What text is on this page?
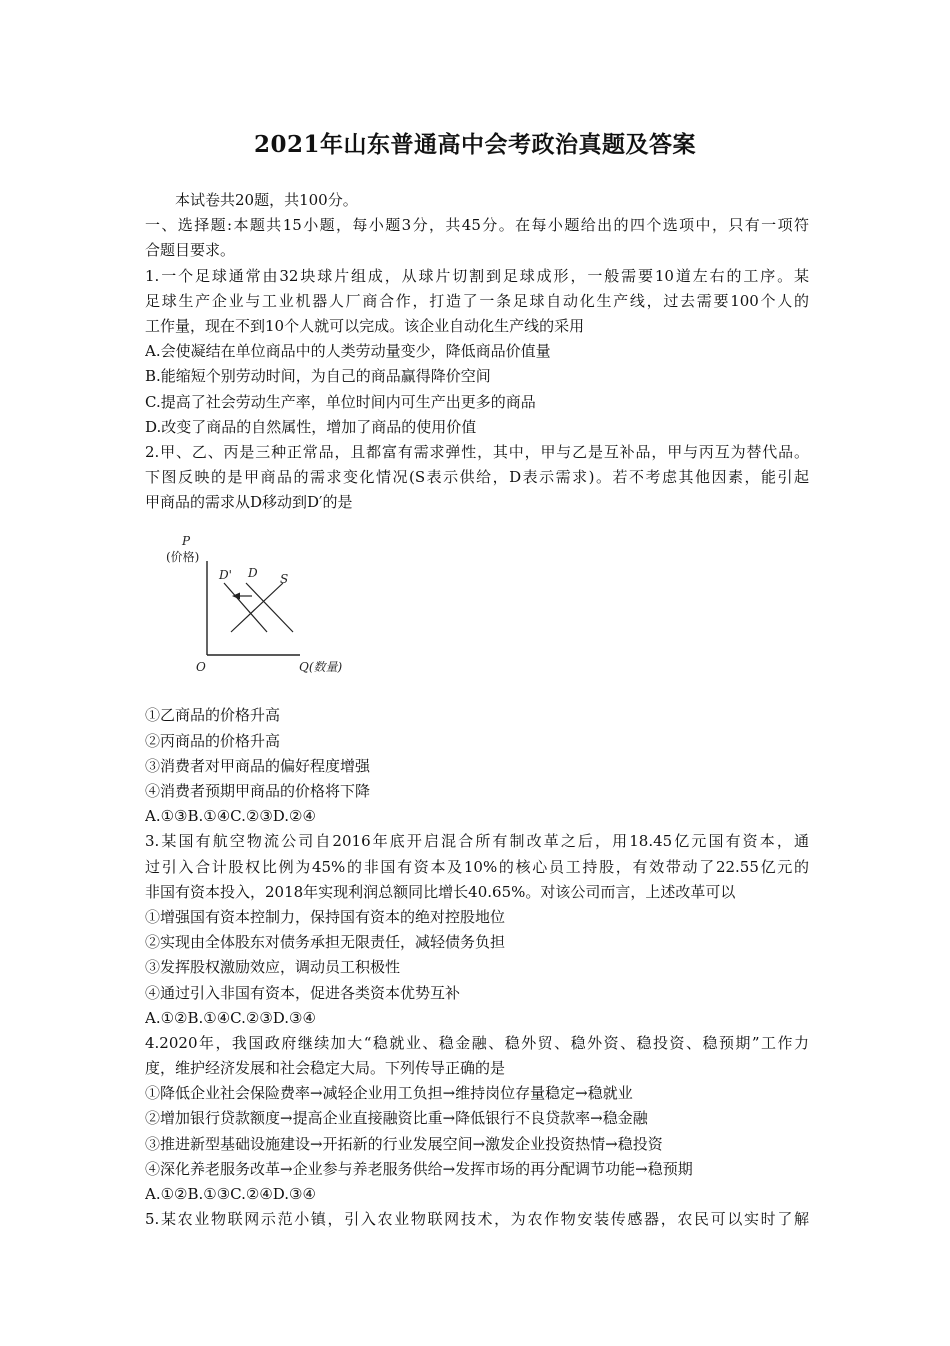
2021年山东普通高中会考政治真题及答案
本试卷共20题，共100分。
一、选择题:本题共15小题，每小题3分，共45分。在每小题给出的四个选项中，只有一项符
合题目要求。
1.一个足球通常由32块球片组成，从球片切割到足球成形，一般需要10道左右的工序。某
足球生产企业与工业机器人厂商合作，打造了一条足球自动化生产线，过去需要100个人的
工作量，现在不到10个人就可以完成。该企业自动化生产线的采用
A.会使凝结在单位商品中的人类劳动量变少，降低商品价值量
B.能缩短个别劳动时间，为自己的商品赢得降价空间
C.提高了社会劳动生产率，单位时间内可生产出更多的商品
D.改变了商品的自然属性，增加了商品的使用价值
2.甲、乙、丙是三种正常品，且都富有需求弹性，其中，甲与乙是互补品，甲与丙互为替代品。
下图反映的是甲商品的需求变化情况(S表示供给，D表示需求)。若不考虑其他因素，能引起
甲商品的需求从D移动到D′的是
P
(价格)
O	Q(数量)
D' D S
①乙商品的价格升高
②丙商品的价格升高
③消费者对甲商品的偏好程度增强
④消费者预期甲商品的价格将下降
A.①③B.①④C.②③D.②④
3.某国有航空物流公司自2016年底开启混合所有制改革之后，用18.45亿元国有资本，通
过引入合计股权比例为45%的非国有资本及10%的核心员工持股，有效带动了22.55亿元的
非国有资本投入，2018年实现利润总额同比增长40.65%。对该公司而言，上述改革可以
①增强国有资本控制力，保持国有资本的绝对控股地位
②实现由全体股东对债务承担无限责任，减轻债务负担
③发挥股权激励效应，调动员工积极性
④通过引入非国有资本，促进各类资本优势互补
A.①②B.①④C.②③D.③④
4.2020年，我国政府继续加大“稳就业、稳金融、稳外贸、稳外资、稳投资、稳预期”工作力
度，维护经济发展和社会稳定大局。下列传导正确的是
①降低企业社会保险费率→减轻企业用工负担→维持岗位存量稳定→稳就业
②增加银行贷款额度→提高企业直接融资比重→降低银行不良贷款率→稳金融
③推进新型基础设施建设→开拓新的行业发展空间→激发企业投资热情→稳投资
④深化养老服务改革→企业参与养老服务供给→发挥市场的再分配调节功能→稳预期
A.①②B.①③C.②④D.③④
5.某农业物联网示范小镇，引入农业物联网技术，为农作物安装传感器，农民可以实时了解
